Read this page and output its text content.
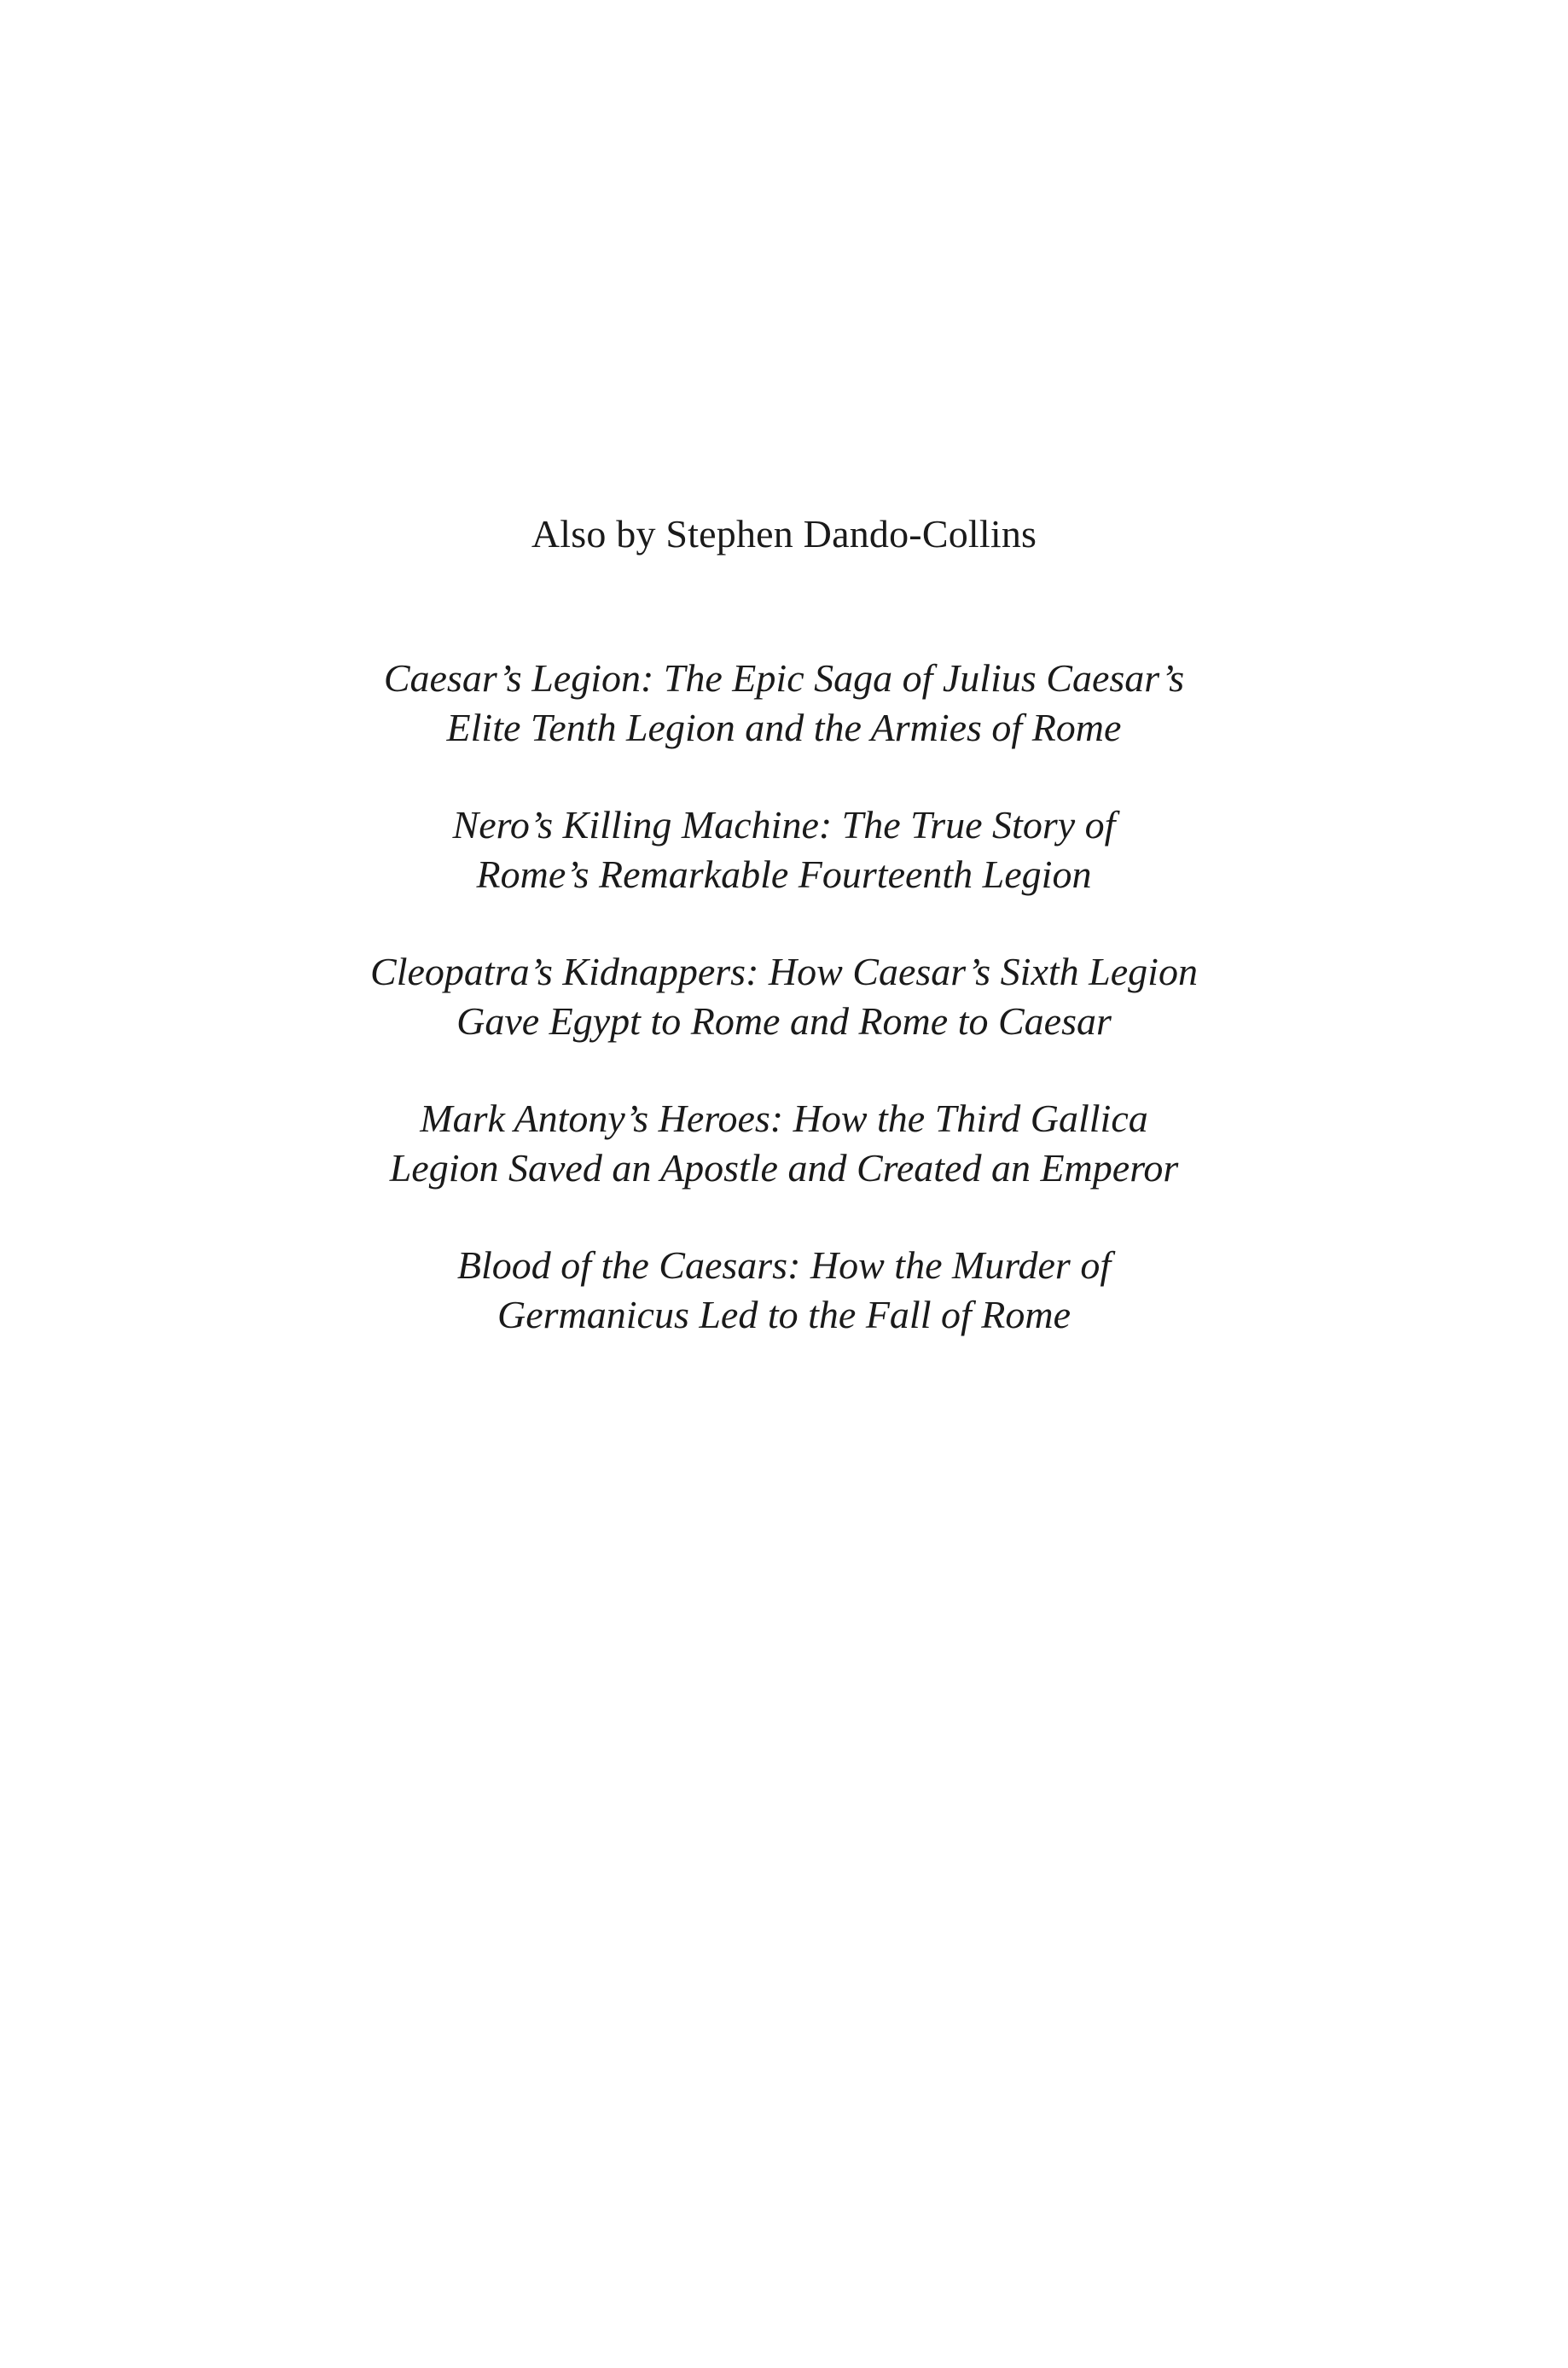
Also by Stephen Dando-Collins
Caesar’s Legion: The Epic Saga of Julius Caesar’s
Elite Tenth Legion and the Armies of Rome
Nero’s Killing Machine: The True Story of
Rome’s Remarkable Fourteenth Legion
Cleopatra’s Kidnappers: How Caesar’s Sixth Legion
Gave Egypt to Rome and Rome to Caesar
Mark Antony’s Heroes: How the Third Gallica
Legion Saved an Apostle and Created an Emperor
Blood of the Caesars: How the Murder of
Germanicus Led to the Fall of Rome
